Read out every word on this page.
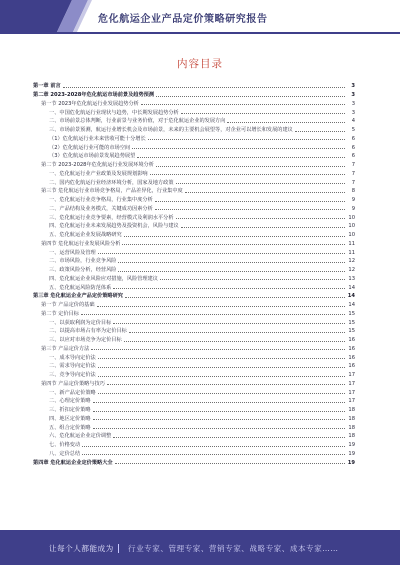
危化航运企业产品定价策略研究报告
内容目录
第一章 前言	3
第二章 2023-2028年危化航运市场前景及趋势预测	3
第一节 2023年危化航运行业发展趋势分析	3
一、中国危化航运行业现状与趋势，中长期发展趋势分析	3
二、市场前景总体判断，行业前景与业务价值，对于危化航运企业的发展方向	4
三、市场前景预测，航运行业增长机会及市场前景，未来的主要机会展望等，对企业可以增长和发展的建议	5
（1）危化航运行业未来营收可能十分增长	6
（2）危化航运行业可能的市场空间	6
（3）危化航运市场前景发展趋势展望	6
第二节 2023-2028年危化航运行业发展环境分析	7
一、危化航运行业产业政策及发展规划影响	7
二、国内危化航运行业经济环境分析，国家及地方政策	7
第三节 危化航运行业市场竞争格局，产品差异化，行业集中度	8
一、危化航运行业竞争格局，行业集中度分析	9
二、产品结构及业务模式，关键成功因素分析	9
三、危化航运行业竞争要素，经营模式及利润水平分析	10
四、危化航运行业未来发展趋势及投资机会，风险与建议	10
五、危化航运企业发展战略研究	10
第四节 危化航运行业发展风险分析	11
一、运营风险及管理	11
二、市场风险，行业竞争风险	12
三、政策风险分析，经营风险	12
四、危化航运企业风险应对措施，风险管理建议	13
五、危化航运风险防范体系	14
第三章 危化航运企业产品定价策略研究	14
第一节 产品定价的基础	14
第二节 定价目标	15
一、以获取利润为定价目标	15
二、以提高市场占有率为定价目标	15
三、以应对市场竞争为定价目标	16
第三节 产品定价方法	16
一、成本导向定价法	16
二、需求导向定价法	16
三、竞争导向定价法	17
第四节 产品定价策略与技巧	17
一、新产品定价策略	17
二、心理定价策略	17
三、折扣定价策略	18
四、地区定价策略	18
五、组合定价策略	18
六、危化航运企业定价调整	18
七、价格变动	19
八、定价总结	19
第四章 危化航运企业定价策略大全	19
让每个人都能成为 行业专家、管理专家、营销专家、战略专家、成本专家……
